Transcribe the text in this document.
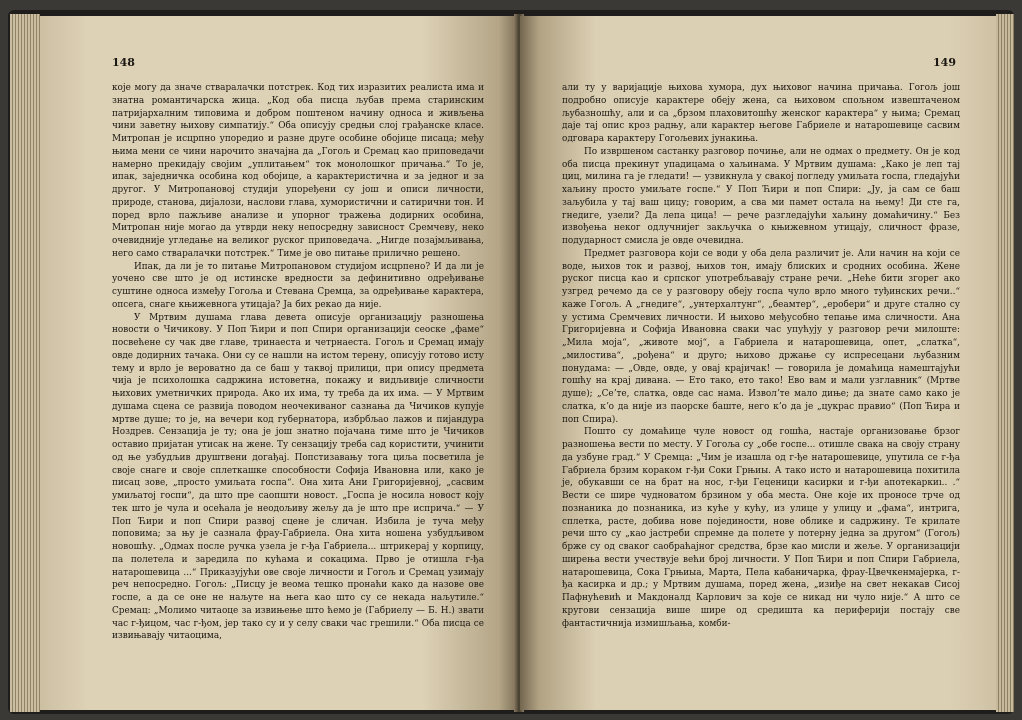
148

које могу да значе стваралачки потстрек. Код тих изразитих реалиста има и знатна романтичарска жица. „Код оба писца љубав према старинским патријархалним типовима и добром поштеном начину односа и живљења чини заветну њихову симпатију.“ Оба описују средњи слој грађанске класе. Митропан је исцрпно упоредио и разне друге особине обојице писаца; међу њима мени се чини нарочито значајна да „Гогољ и Сремац као приповедачи намерно прекидају својим „уплитањем“ ток монолошког причања.“ То је, ипак, заједничка особина код обојице, а карактеристична и за једног и за другог. У Митропановој студији упоређени су још и описи личности, природе, станова, дијалози, наслови глава, хумористични и сатирични тон. И поред врло пажљиве анализе и упорног тражења додирних особина, Митропан није могао да утврди неку непосредну зависност Сремчеву, неко очевидније угледање на великог руског приповедача. „Нигде позајмљивања, него само стваралачки потстрек.“ Тиме је ово питање прилично решено.

Ипак, да ли је то питање Митропановом студијом исцрпено? И да ли је уочено све што је од истинске вредности за дефинитивно одређивање суштине односа између Гогоља и Стевана Сремца, за одређивање карактера, опсега, снаге књижевнога утицаја? Ја бих рекао да није.

У Мртвим душама глава девета описује организацију разношења новости о Чичикову. У Поп Ћири и поп Спири организацији сеоске „фаме“ посвећене су чак две главе, тринаеста и четрнаеста. Гогољ и Сремац имају овде додирних тачака. Они су се нашли на истом терену, описују готово исту тему и врло је вероватно да се баш у таквој прилици, при опису предмета чија је психолошка садржина истоветна, покажу и видљивије сличности њихових уметничких природа. Ако их има, ту треба да их има. — У Мртвим душама сцена се развија поводом неочекиваног сазнања да Чичиков купује мртве душе; то је, на вечери код губернатора, избрбљао лажов и пијандура Ноздрев. Сензација је ту; она је још знатно појачана тиме што је Чичиков оставио пријатан утисак на жене. Ту сензацију треба сад користити, учинити од ње узбудљив друштвени догађај. Попстизавању тога циља посветила је своје снаге и своје сплеткашке способности Софија Ивановна или, како је писац зове, „просто умиљата госпа“. Она хита Ани Григоријевној, „сасвим умиљатој госпи“, да што пре саопшти новост. „Госпа је носила новост коју тек што је чула и осећала је неодољиву жељу да је што пре исприча.“ — У Поп Ћири и поп Спири развој сцене је сличан. Избила је туча међу поповима; за њу је сазнала фрау-Габриела. Она хита ношена узбудљивом новошћу. „Одмах после ручка узела је г-ђа Габриела... штрикераj у корпицу, па полетела и заредила по кућама и сокацима. Прво је отишла г-ђа натарошевица ...“ Приказујући ове своје личности и Гогољ и Сремац узимају реч непосредно. Гогољ: „Писцу је веома тешко пронаћи како да назове ове госпе, а да се оне не наљуте на њега као што су се некада наљутиле.“ Сремац: „Молимо читаоце за извињење што ћемо је (Габриелу — Б. Н.) звати час г-ђицом, час г-ђом, јер тако су и у селу сваки час грешили.“ Оба писца се извињавају читаоцима,

149

али ту у варијације њихова хумора, дух њиховог начина причања. Гогољ још подробно описује карактере обеју жена, са њиховом спољном извештаченом љубазношћу, али и са „брзом плаховитошћу женског карактера“ у њима; Сремац даје тај опис кроз радњу, али карактер његовe Габриеле и натарошевице сасвим одговара карактеру Гогољевих јунакиња.

По извршеном састанку разговор почиње, али не одмах о предмету. Он је код оба писца прекинут упадицама о хаљинама. У Мртвим душама: „Како је леп тај циц, милина га је гледати! — узвикнула у свакој погледу умиљата госпа, гледајући хаљину просто умиљате госпе.“ У Поп Ћири и поп Спири: „Ју, ја сам се баш заљубила у тај ваш цицу; говорим, а сва ми памет остала на њему! Ди сте га, гнедиге, узели? Да лепа цица! — рече разгледајући хаљину домаћичину.“ Без извођења неког одлучнијег закључка о књижевном утицају, сличност фразе, подударност смисла је овде очевидна.

Предмет разговора који се води у оба дела различит је. Али начин на који се воде, њихов ток и развој, њихов тон, имају блиских и сродних особина. Жене руског писца као и српског употребљавају стране речи. „Неће бити згорег ако узгред речемо да се у разговору обеју госпа чуло врло много туђинских речи..“ каже Гогољ. А „гнедиге“, „унтерхалтунг“, „беамтер“, „еробери“ и друге стално су у устима Сремчевих личности. И њихово међусобно тепање има сличности. Ана Григоријевна и Софија Ивановна сваки час упућују у разговор речи милоште: „Мила моја“, „животе мој“, а Габриела и натарошевица, опет, „слатка“, „милостива“, „рођена“ и друго; њихово држање су испресецани љубазним понудама: — „Овде, овде, у овај крајичак! — говорила је домаћица намештајући гошћу на крај дивана. — Ето тако, ето тако! Ево вам и мали узглавник“ (Мртве душе); „Сеʼте, слатка, овде сас нама. Изволʼте мало дињe; да знате само како је слатка, кʼо да није из паорске баште, него кʼо да је „цукрас правио“ (Поп Ћира и поп Спира).

Пошто су домаћице чуле новост од гошћа, настаје организовање брзог разношења вести по месту. У Гогоља су „обе госпе... отишле свака на своју страну да узбуне град.“ У Сремца: „Чим је изашла од г-ђе натарошевице, упутила се г-ђа Габриела брзим кораком г-ђи Соки Грњиы. А тако исто и натарошевица похитила је, обукавши се на брат на нос, г-ђи Геценици касирки и г-ђи апотекаркиı.. .“ Вести се шире чудноватом брзином у оба места. Оне које их проносе трче од познаника до познаника, из куће у кућу, из улице у улицу и „фама“, интрига, сплетка, расте, добива нове појединости, нове облике и садржину. Те крилате речи што су „као јастреби спремне да полете у потерну једна за другом“ (Гогољ) брже су од сваког саобраћајног средства, брзе као мисли и жеље. У организацији ширења вести учествује већи број личности. У Поп Ћири и поп Спири Габриела, натарошевица, Сока Грњиыа, Марта, Пела кабаничарка, фрау-Цвечкенмајерка, г-ђа касирка и др.; у Мртвим душама, поред жена, „изиђе на свет некакав Сисој Пафнућевић и Макдоналд Карлович за које се никад ни чуло није.“ А што се кругови сензација више шире од средишта ка периферији постају све фантастичнија измишљања, комби-
